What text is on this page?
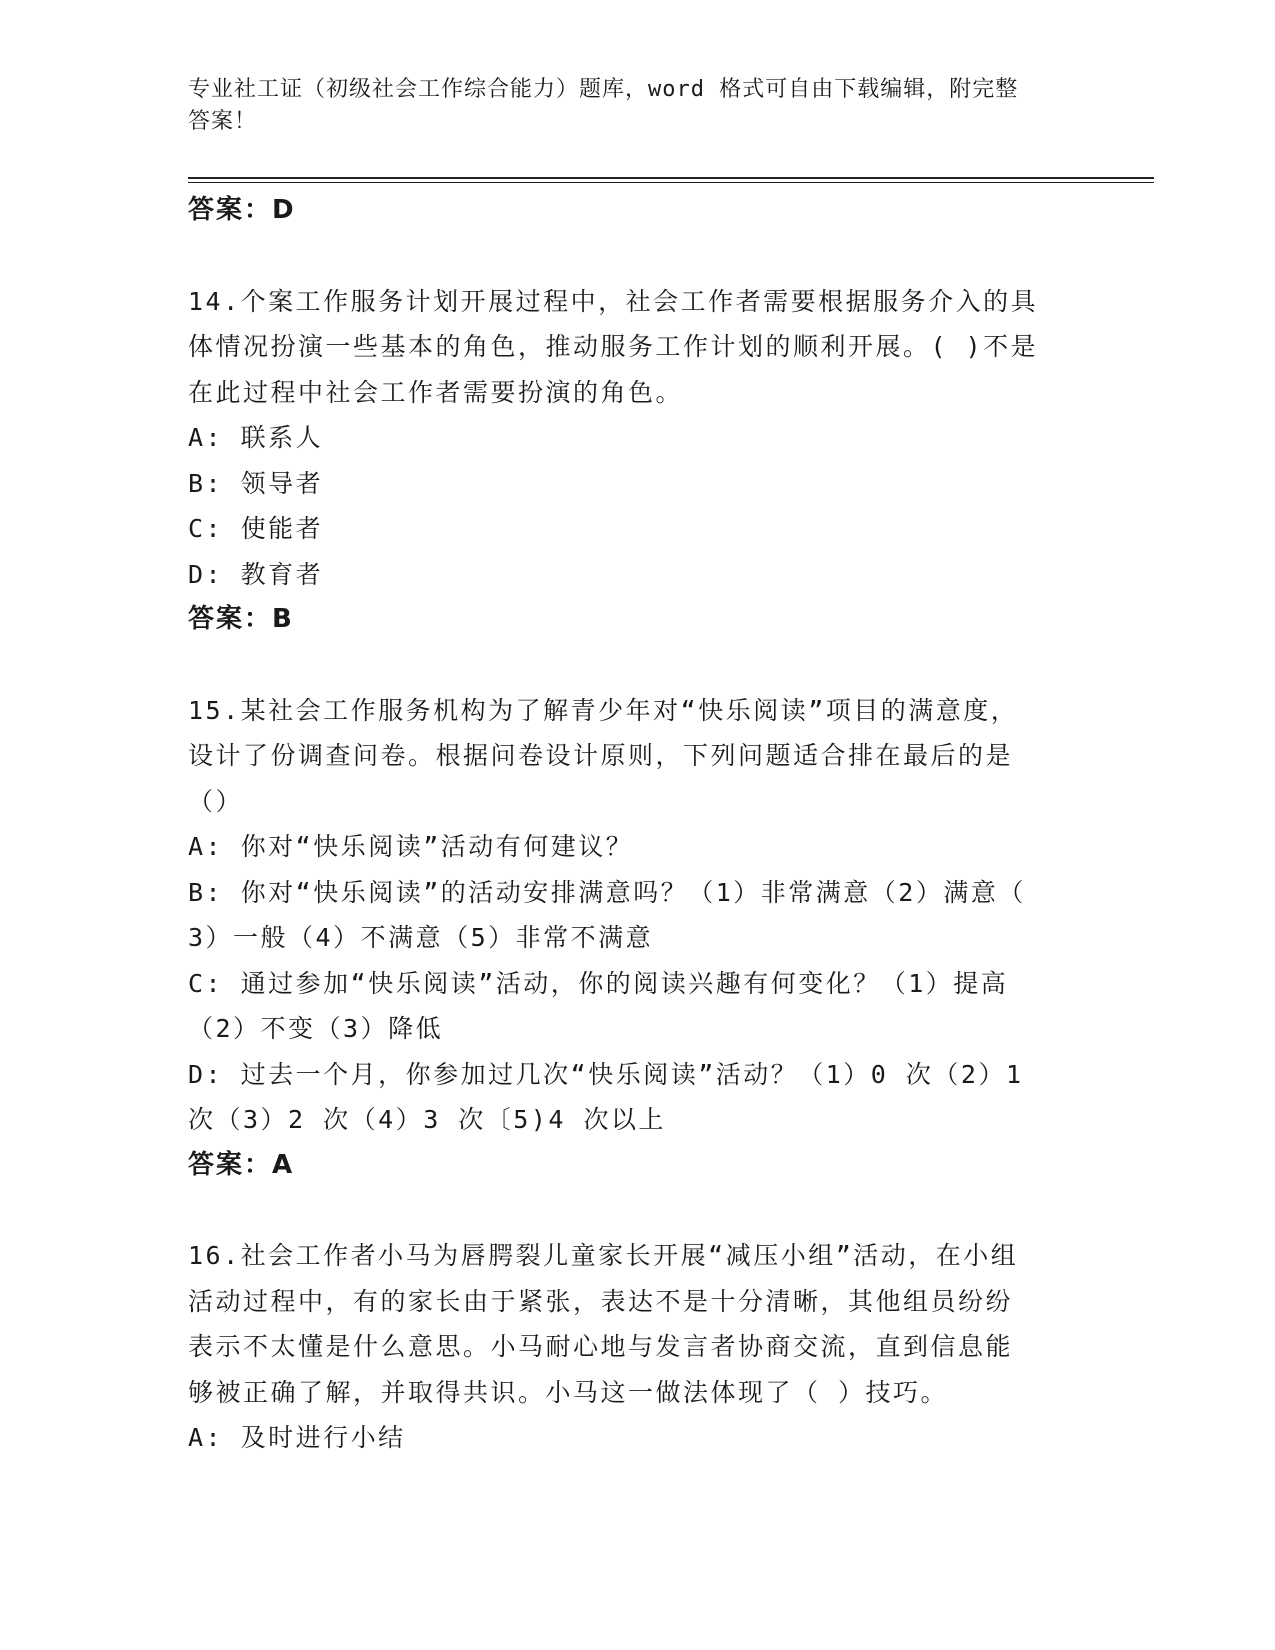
专业社工证（初级社会工作综合能力）题库，word 格式可自由下载编辑，附完整
答案！
答案：D
14.个案工作服务计划开展过程中，社会工作者需要根据服务介入的具
体情况扮演一些基本的角色，推动服务工作计划的顺利开展。( )不是
在此过程中社会工作者需要扮演的角色。
A: 联系人
B: 领导者
C: 使能者
D: 教育者
答案：B
15.某社会工作服务机构为了解青少年对“快乐阅读”项目的满意度，
设计了份调查问卷。根据问卷设计原则，下列问题适合排在最后的是
（）
A: 你对“快乐阅读”活动有何建议？
B: 你对“快乐阅读”的活动安排满意吗？（1）非常满意（2）满意（
3）一般（4）不满意（5）非常不满意
C: 通过参加“快乐阅读”活动，你的阅读兴趣有何变化？（1）提高
（2）不变（3）降低
D: 过去一个月，你参加过几次“快乐阅读”活动？（1）0 次（2）1
次（3）2 次（4）3 次〔5)4 次以上
答案：A
16.社会工作者小马为唇腭裂儿童家长开展“减压小组”活动，在小组
活动过程中，有的家长由于紧张，表达不是十分清晰，其他组员纷纷
表示不太懂是什么意思。小马耐心地与发言者协商交流，直到信息能
够被正确了解，并取得共识。小马这一做法体现了（ ）技巧。
A: 及时进行小结
